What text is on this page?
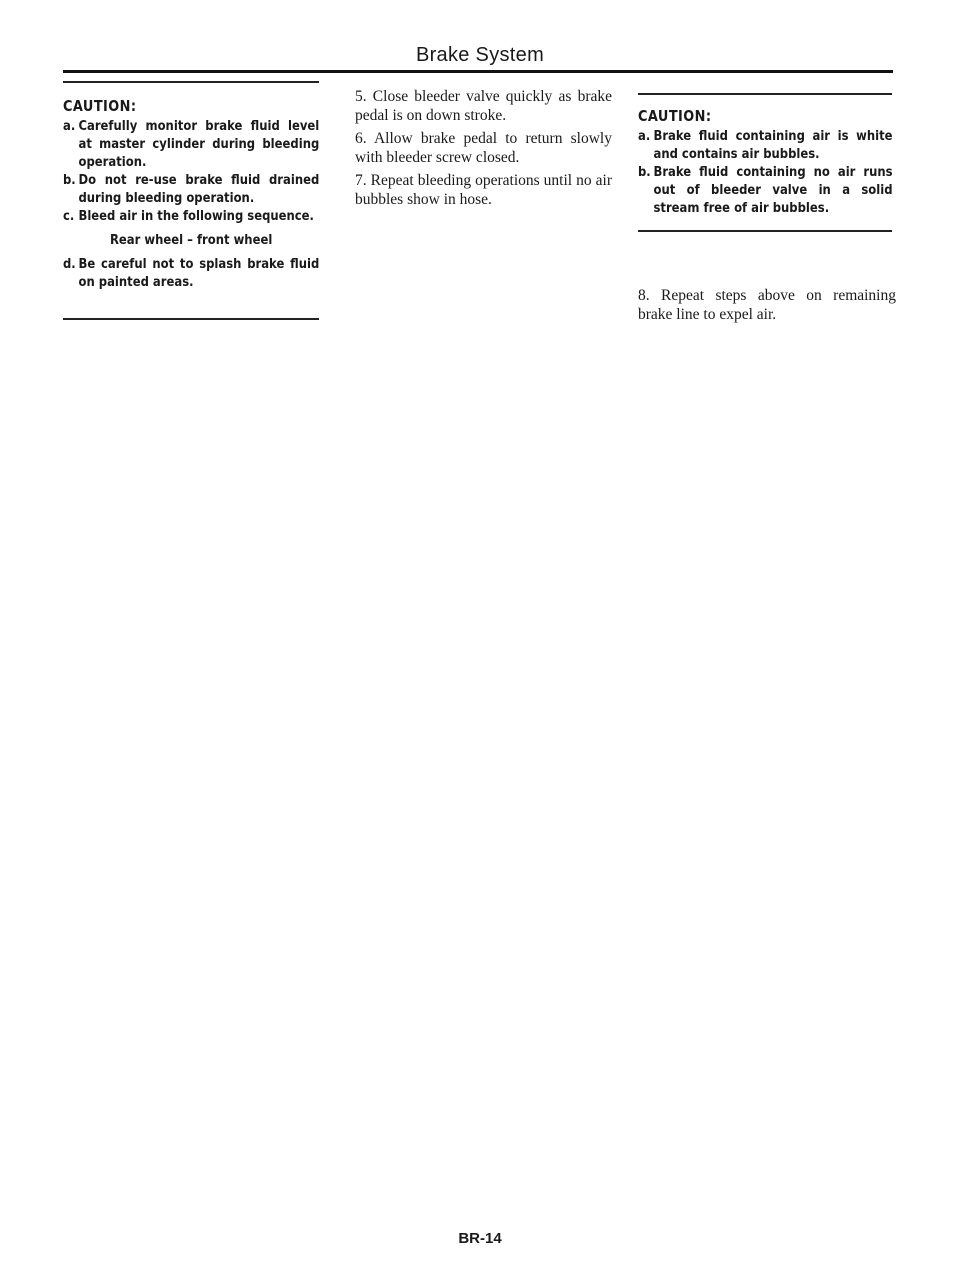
Brake System
CAUTION:
a. Carefully monitor brake fluid level at master cylinder during bleeding operation.
b. Do not re-use brake fluid drained during bleeding operation.
c. Bleed air in the following sequence.
Rear wheel – front wheel
d. Be careful not to splash brake fluid on painted areas.

5. Close bleeder valve quickly as brake pedal is on down stroke.

6. Allow brake pedal to return slowly with bleeder screw closed.

7. Repeat bleeding operations until no air bubbles show in hose.

CAUTION:
a. Brake fluid containing air is white and contains air bubbles.
b. Brake fluid containing no air runs out of bleeder valve in a solid stream free of air bubbles.

8. Repeat steps above on remaining brake line to expel air.

BR-14
